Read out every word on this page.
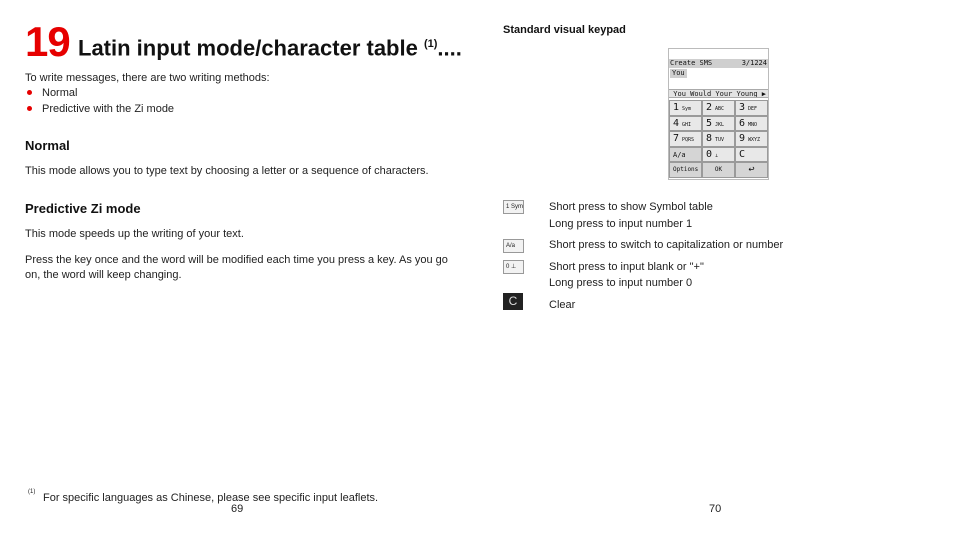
19 Latin input mode/character table $^{(1)}$....
To write messages, there are two writing methods:
Normal
Predictive with the Zi mode
Normal
This mode allows you to type text by choosing a letter or a sequence of characters.
Predictive Zi mode
This mode speeds up the writing of your text.
Press the key once and the word will be modified each time you press a key. As you go on, the word will keep changing.
(1) For specific languages as Chinese, please see specific input leaflets.
69
Standard visual keypad
Create SMS	3/1224
You
You Would Your Young ▶
1 Sym	2 ABC	3 DEF
4 GHI	5 JKL	6 MNO
7 PQRS	8 TUV	9 WXYZ
A/a	0 ⊥	C
Options	OK	↩
1 Sym Short press to show Symbol table
Long press to input number 1
A/a	Short press to switch to capitalization or number
0 ⊥	Short press to input blank or "+"
Long press to input number 0
C	Clear
70
